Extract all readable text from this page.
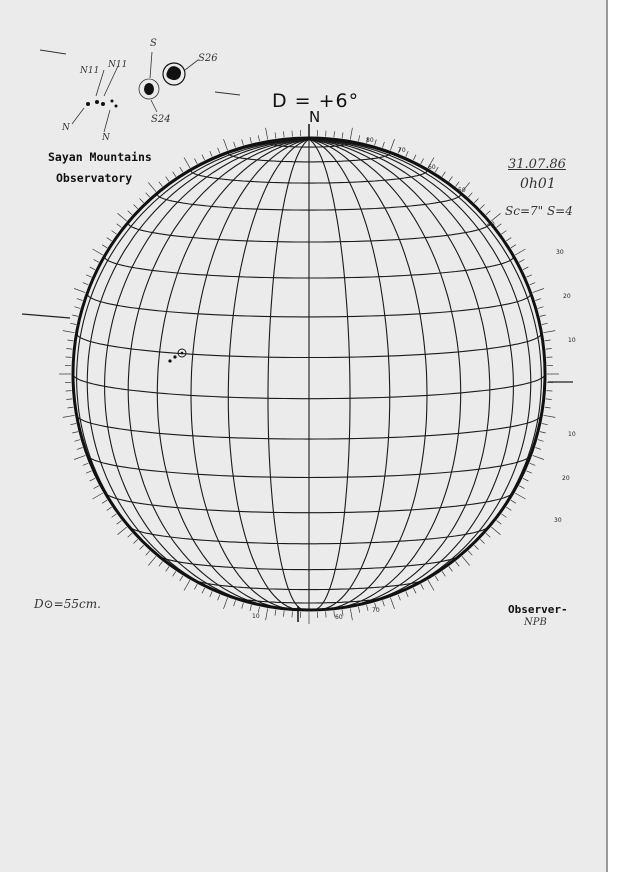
N11
N11
N
N
S
S26
S24
30
20
10
10
20
30
80
70
60
50
40
10	60
70
Sayan Mountains
Observatory
D = +6°
N
31.07.86
0h01
Sc=7" S=4
D⊙=55cm.	Observer-
NPB
